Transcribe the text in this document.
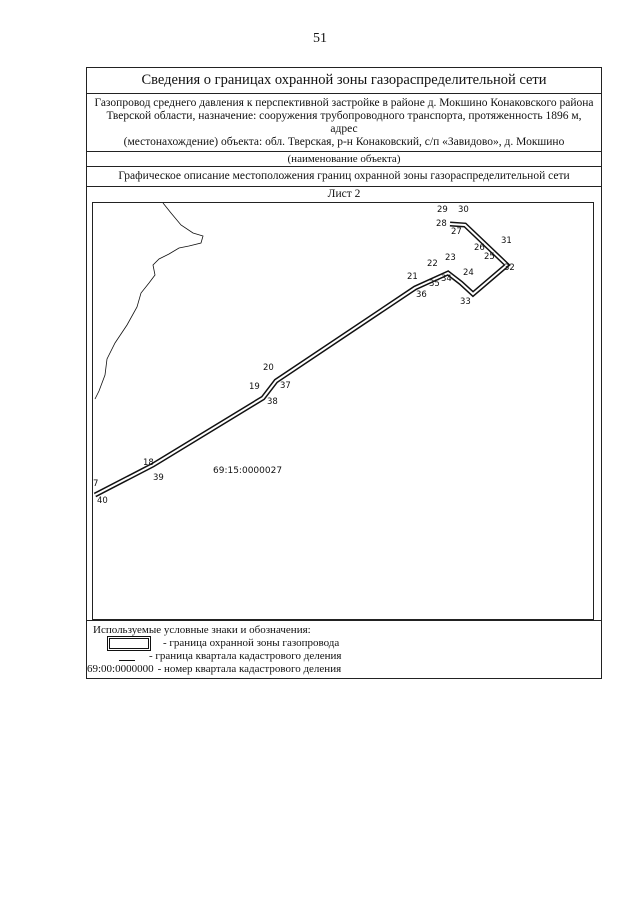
51
Сведения о границах охранной зоны газораспределительной сети
Газопровод среднего давления к перспективной застройке в районе д. Мокшино Конаковского района
Тверской области, назначение: сооружения трубопроводного транспорта, протяженность 1896 м, адрес
(местонахождение) объекта: обл. Тверская, р-н Конаковский, с/п «Завидово», д. Мокшино
(наименование объекта)
Графическое описание местоположения границ охранной зоны газораспределительной сети
Лист 2
7
18
19
20
21
22
23
24
25
26
27
28
29 30
31
32
33
34
35
36
37
38
39
40
69:15:0000027
Используемые условные знаки и обозначения:
- граница охранной зоны газопровода
- граница квартала кадастрового деления
69:00:0000000 - номер квартала кадастрового деления
